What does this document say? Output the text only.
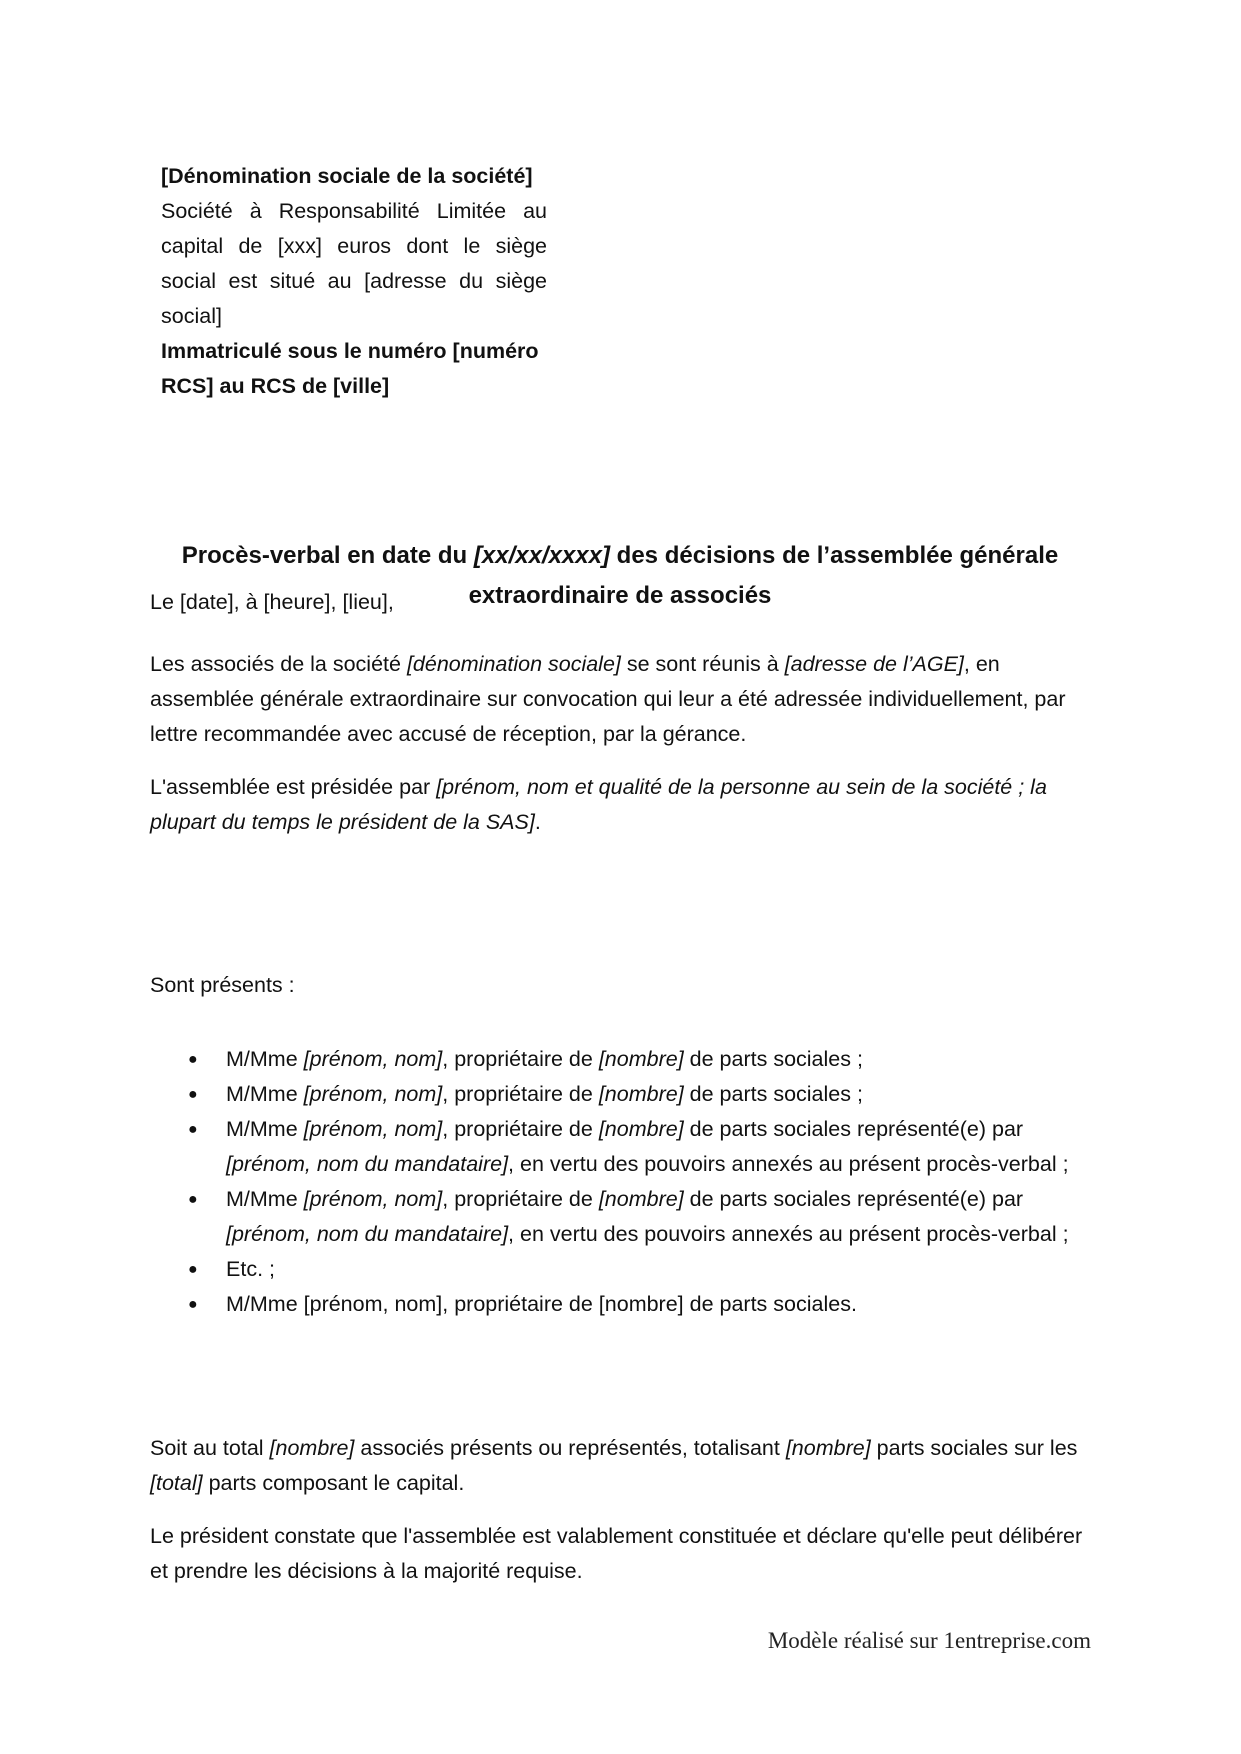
[Dénomination sociale de la société]
Société à Responsabilité Limitée au capital de [xxx] euros dont le siège social est situé au [adresse du siège social]
Immatriculé sous le numéro [numéro
RCS] au RCS de [ville]
Procès-verbal en date du [xx/xx/xxxx] des décisions de l’assemblée générale
extraordinaire de associés

Le [date], à [heure], [lieu],

Les associés de la société [dénomination sociale] se sont réunis à [adresse de l’AGE], en assemblée générale extraordinaire sur convocation qui leur a été adressée individuellement, par lettre recommandée avec accusé de réception, par la gérance.

L'assemblée est présidée par [prénom, nom et qualité de la personne au sein de la société ; la plupart du temps le président de la SAS].

Sont présents :

● M/Mme [prénom, nom], propriétaire de [nombre] de parts sociales ;
● M/Mme [prénom, nom], propriétaire de [nombre] de parts sociales ;
● M/Mme [prénom, nom], propriétaire de [nombre] de parts sociales représenté(e) par [prénom, nom du mandataire], en vertu des pouvoirs annexés au présent procès-verbal ;
● M/Mme [prénom, nom], propriétaire de [nombre] de parts sociales représenté(e) par [prénom, nom du mandataire], en vertu des pouvoirs annexés au présent procès-verbal ;
● Etc. ;
● M/Mme [prénom, nom], propriétaire de [nombre] de parts sociales.

Soit au total [nombre] associés présents ou représentés, totalisant [nombre] parts sociales sur les [total] parts composant le capital.

Le président constate que l'assemblée est valablement constituée et déclare qu'elle peut délibérer et prendre les décisions à la majorité requise.

Modèle réalisé sur 1entreprise.com
